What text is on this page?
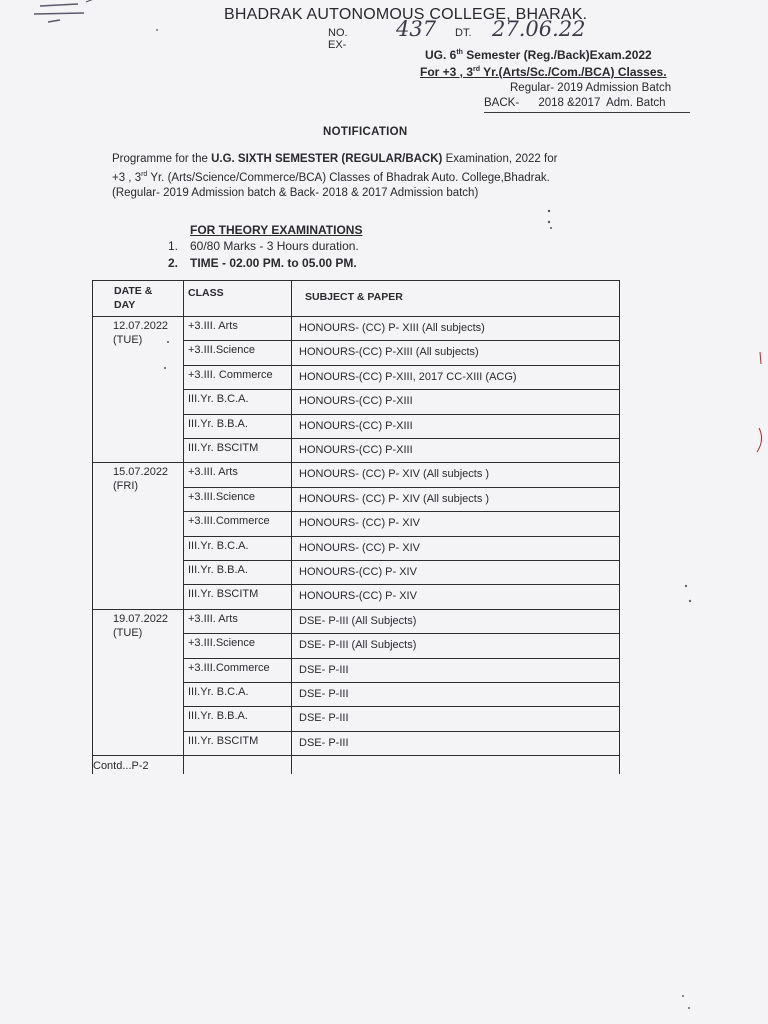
BHADRAK AUTONOMOUS COLLEGE, BHARAK.
NO. EX-
437 DT. 27.06.22
UG. 6th Semester (Reg./Back)Exam.2022
For +3 , 3rd Yr.(Arts/Sc./Com./BCA) Classes.
Regular- 2019 Admission Batch
BACK-      2018 &2017  Adm. Batch
NOTIFICATION
Programme for the U.G. SIXTH SEMESTER (REGULAR/BACK) Examination, 2022 for
+3 , 3rd Yr. (Arts/Science/Commerce/BCA) Classes of Bhadrak Auto. College,Bhadrak.
(Regular- 2019 Admission batch & Back- 2018 & 2017 Admission batch)
FOR THEORY EXAMINATIONS
1. 60/80 Marks - 3 Hours duration.
2. TIME - 02.00 PM. to 05.00 PM.
DATE &
DAY
CLASS	SUBJECT & PAPER
12.07.2022
(TUE)
+3.III. Arts	HONOURS- (CC) P- XIII (All subjects)
+3.III.Science	HONOURS-(CC) P-XIII (All subjects)
+3.III. Commerce HONOURS-(CC) P-XIII, 2017 CC-XIII (ACG)
III.Yr. B.C.A.	HONOURS-(CC) P-XIII
III.Yr. B.B.A.	HONOURS-(CC) P-XIII
III.Yr. BSCITM	HONOURS-(CC) P-XIII
15.07.2022
(FRI)
+3.III. Arts	HONOURS- (CC) P- XIV (All subjects )
+3.III.Science	HONOURS- (CC) P- XIV (All subjects )
+3.III.Commerce	HONOURS- (CC) P- XIV
III.Yr. B.C.A.	HONOURS- (CC) P- XIV
III.Yr. B.B.A.	HONOURS-(CC) P- XIV
III.Yr. BSCITM	HONOURS-(CC) P- XIV
19.07.2022
(TUE)
+3.III. Arts	DSE- P-III (All Subjects)
+3.III.Science	DSE- P-III (All Subjects)
+3.III.Commerce	DSE- P-III
III.Yr. B.C.A.	DSE- P-III
III.Yr. B.B.A.	DSE- P-III
III.Yr. BSCITM	DSE- P-III
Contd...P-2
